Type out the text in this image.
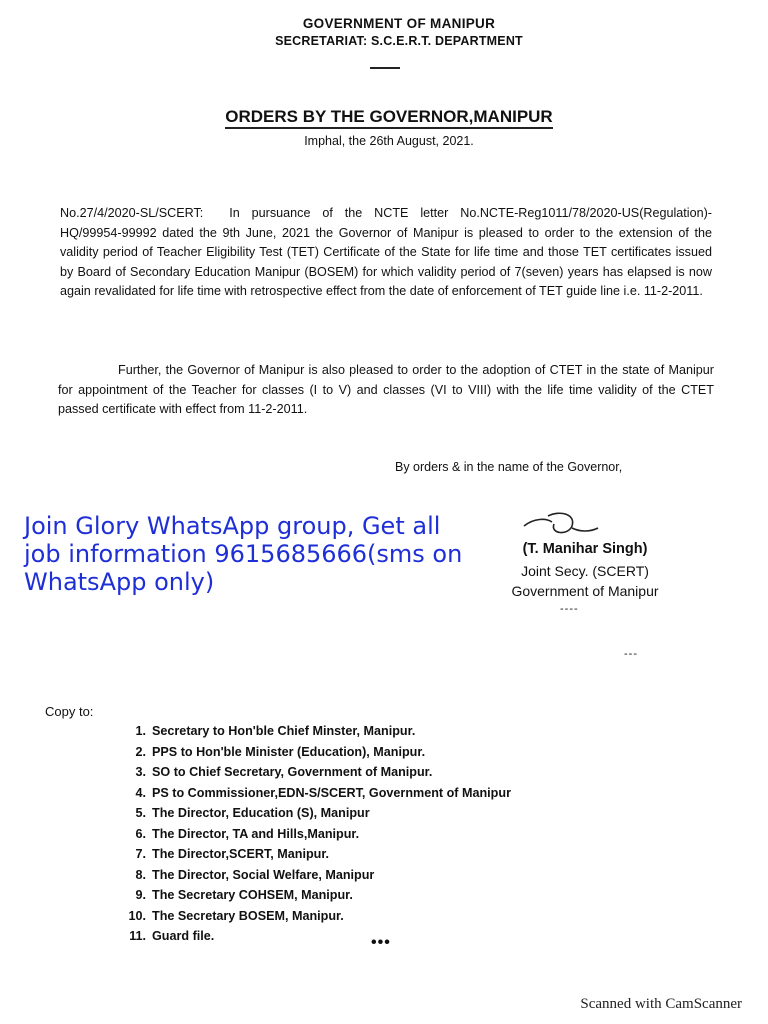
GOVERNMENT OF MANIPUR
SECRETARIAT: S.C.E.R.T. DEPARTMENT
ORDERS BY THE GOVERNOR,MANIPUR
Imphal, the 26th August, 2021.
No.27/4/2020-SL/SCERT: In pursuance of the NCTE letter No.NCTE-Reg1011/78/2020-US(Regulation)-HQ/99954-99992 dated the 9th June, 2021 the Governor of Manipur is pleased to order to the extension of the validity period of Teacher Eligibility Test (TET) Certificate of the State for life time and those TET certificates issued by Board of Secondary Education Manipur (BOSEM) for which validity period of 7(seven) years has elapsed is now again revalidated for life time with retrospective effect from the date of enforcement of TET guide line i.e. 11-2-2011.
Further, the Governor of Manipur is also pleased to order to the adoption of CTET in the state of Manipur for appointment of the Teacher for classes (I to V) and classes (VI to VIII) with the life time validity of the CTET passed certificate with effect from 11-2-2011.
By orders & in the name of the Governor,
(T. Manihar Singh)
Joint Secy. (SCERT)
Government of Manipur
----
---
Join Glory WhatsApp group, Get all job information 9615685666(sms on WhatsApp only)
Copy to:
1. Secretary to Hon'ble Chief Minster, Manipur.
2. PPS to Hon'ble Minister (Education), Manipur.
3. SO to Chief Secretary, Government of Manipur.
4. PS to Commissioner,EDN-S/SCERT, Government of Manipur
5. The Director, Education (S), Manipur
6. The Director, TA and Hills,Manipur.
7. The Director,SCERT, Manipur.
8. The Director, Social Welfare, Manipur
9. The Secretary COHSEM, Manipur.
10. The Secretary BOSEM, Manipur.
11. Guard file.	•••
Scanned with CamScanner
